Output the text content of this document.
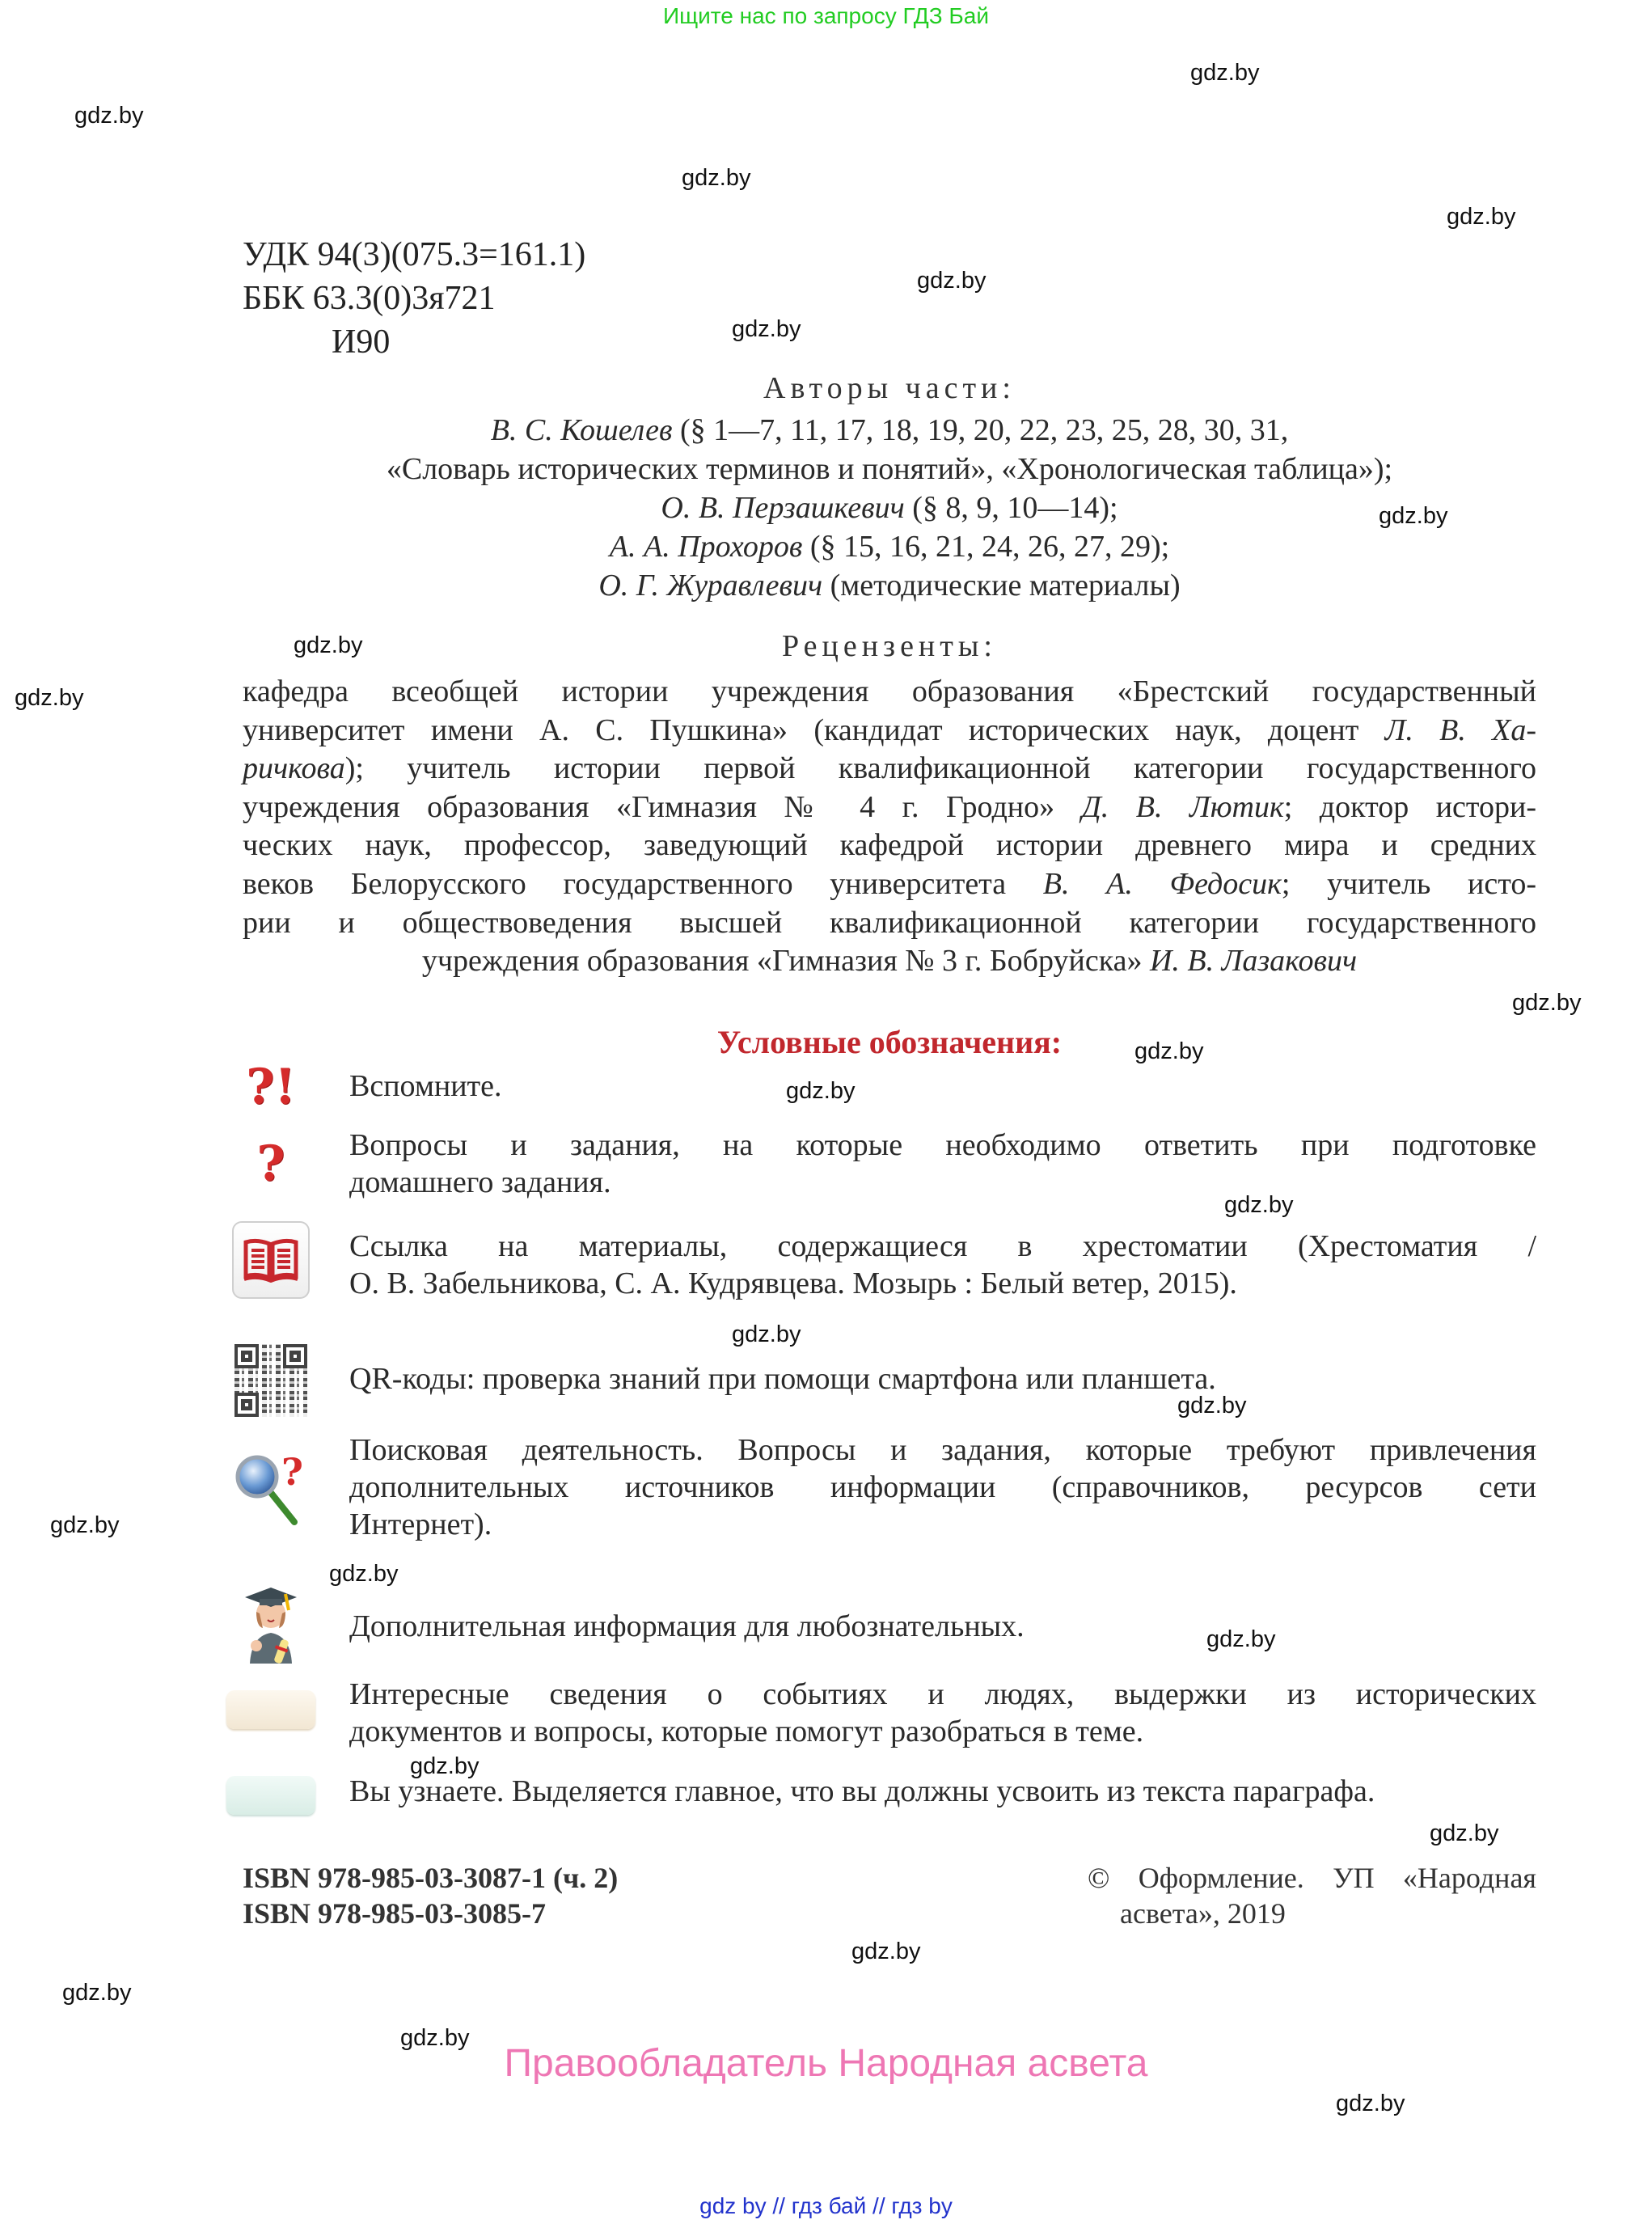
Ищите нас по запросу ГДЗ Бай
gdz.by
gdz.by
gdz.by
gdz.by
gdz.by
gdz.by
gdz.by
gdz.by
gdz.by
gdz.by
gdz.by
gdz.by
gdz.by
gdz.by
gdz.by
gdz.by
gdz.by
gdz.by
gdz.by
gdz.by
gdz.by
gdz.by
gdz.by
gdz.by
УДК 94(3)(075.3=161.1)
ББК 63.3(0)3я721
И90
Авторы части:
В. С. Кошелев (§ 1—7, 11, 17, 18, 19, 20, 22, 23, 25, 28, 30, 31,
«Словарь исторических терминов и понятий», «Хронологическая таблица»);
О. В. Перзашкевич (§ 8, 9, 10—14);
А. А. Прохоров (§ 15, 16, 21, 24, 26, 27, 29);
О. Г. Журавлевич (методические материалы)
Рецензенты:
кафедра всеобщей истории учреждения образования «Брестский государственный
университет имени А. С. Пушкина» (кандидат исторических наук, доцент Л. В. Ха-
ричкова); учитель истории первой квалификационной категории государственного
учреждения образования «Гимназия № 4 г. Гродно» Д. В. Лютик; доктор истори-
ческих наук, профессор, заведующий кафедрой истории древнего мира и средних
веков Белорусского государственного университета В. А. Федосик; учитель исто-
рии и обществоведения высшей квалификационной категории государственного
учреждения образования «Гимназия № 3 г. Бобруйска» И. В. Лазакович
Условные обозначения:
?! Вспомните.
? Вопросы и задания, на которые необходимо ответить при подготовке
домашнего задания.
Ссылка на материалы, содержащиеся в хрестоматии (Хрестоматия /
О. В. Забельникова, С. А. Кудрявцева. Мозырь : Белый ветер, 2015).
QR-коды: проверка знаний при помощи смартфона или планшета.
? Поисковая деятельность. Вопросы и задания, которые требуют привлечения
дополнительных источников информации (справочников, ресурсов сети
Интернет).
Дополнительная информация для любознательных.
Интересные сведения о событиях и людях, выдержки из исторических
документов и вопросы, которые помогут разобраться в теме.
Вы узнаете. Выделяется главное, что вы должны усвоить из текста параграфа.
ISBN 978-985-03-3087-1 (ч. 2)
ISBN 978-985-03-3085-7
© Оформление. УП «Народная
асвета», 2019
Правообладатель Народная асвета
gdz by // гдз бай // гдз by
